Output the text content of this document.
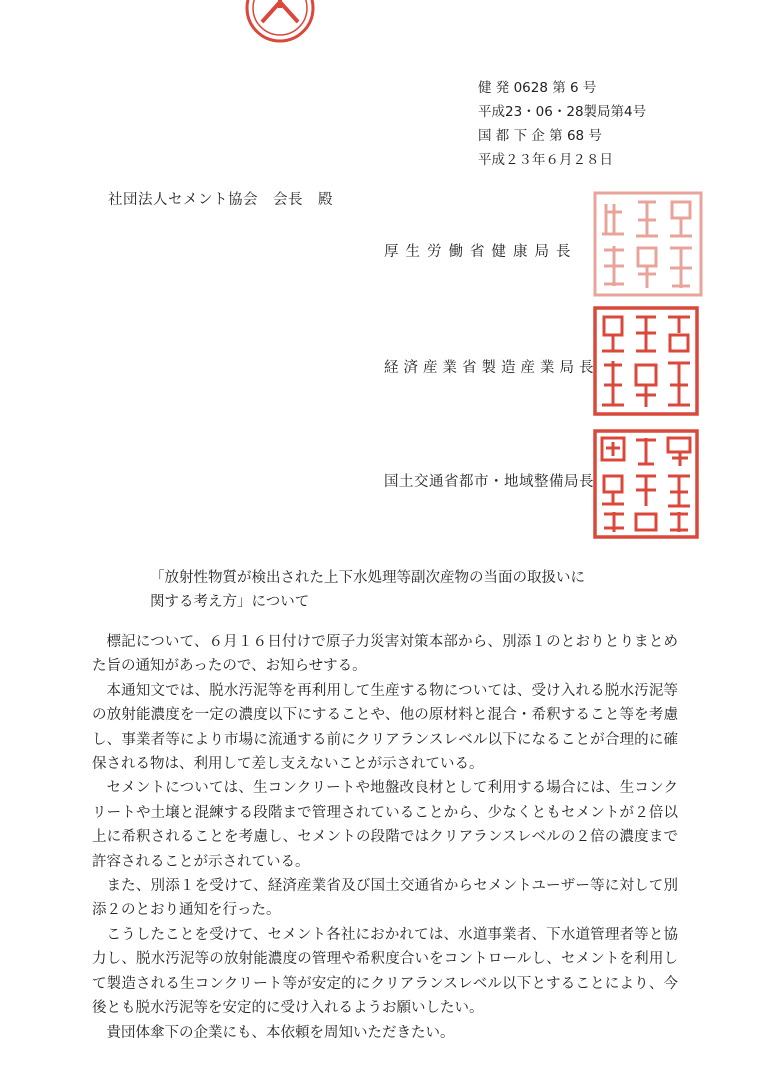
健 発 0628 第 6 号
平成23・06・28製局第4号
国 都 下 企 第 68 号
平成２３年６月２８日
社団法人セメント協会　会長　殿
厚生労働省健康局長
経済産業省製造産業局長
国土交通省都市・地域整備局長
「放射性物質が検出された上下水処理等副次産物の当面の取扱いに
関する考え方」について

標記について、６月１６日付けで原子力災害対策本部から、別添１のとおりとりまとめた旨の通知があったので、お知らせする。

本通知文では、脱水汚泥等を再利用して生産する物については、受け入れる脱水汚泥等の放射能濃度を一定の濃度以下にすることや、他の原材料と混合・希釈すること等を考慮し、事業者等により市場に流通する前にクリアランスレベル以下になることが合理的に確保される物は、利用して差し支えないことが示されている。

セメントについては、生コンクリートや地盤改良材として利用する場合には、生コンクリートや土壌と混練する段階まで管理されていることから、少なくともセメントが２倍以上に希釈されることを考慮し、セメントの段階ではクリアランスレベルの２倍の濃度まで許容されることが示されている。

また、別添１を受けて、経済産業省及び国土交通省からセメントユーザー等に対して別添２のとおり通知を行った。

こうしたことを受けて、セメント各社におかれては、水道事業者、下水道管理者等と協力し、脱水汚泥等の放射能濃度の管理や希釈度合いをコントロールし、セメントを利用して製造される生コンクリート等が安定的にクリアランスレベル以下とすることにより、今後とも脱水汚泥等を安定的に受け入れるようお願いしたい。

貴団体傘下の企業にも、本依頼を周知いただきたい。
